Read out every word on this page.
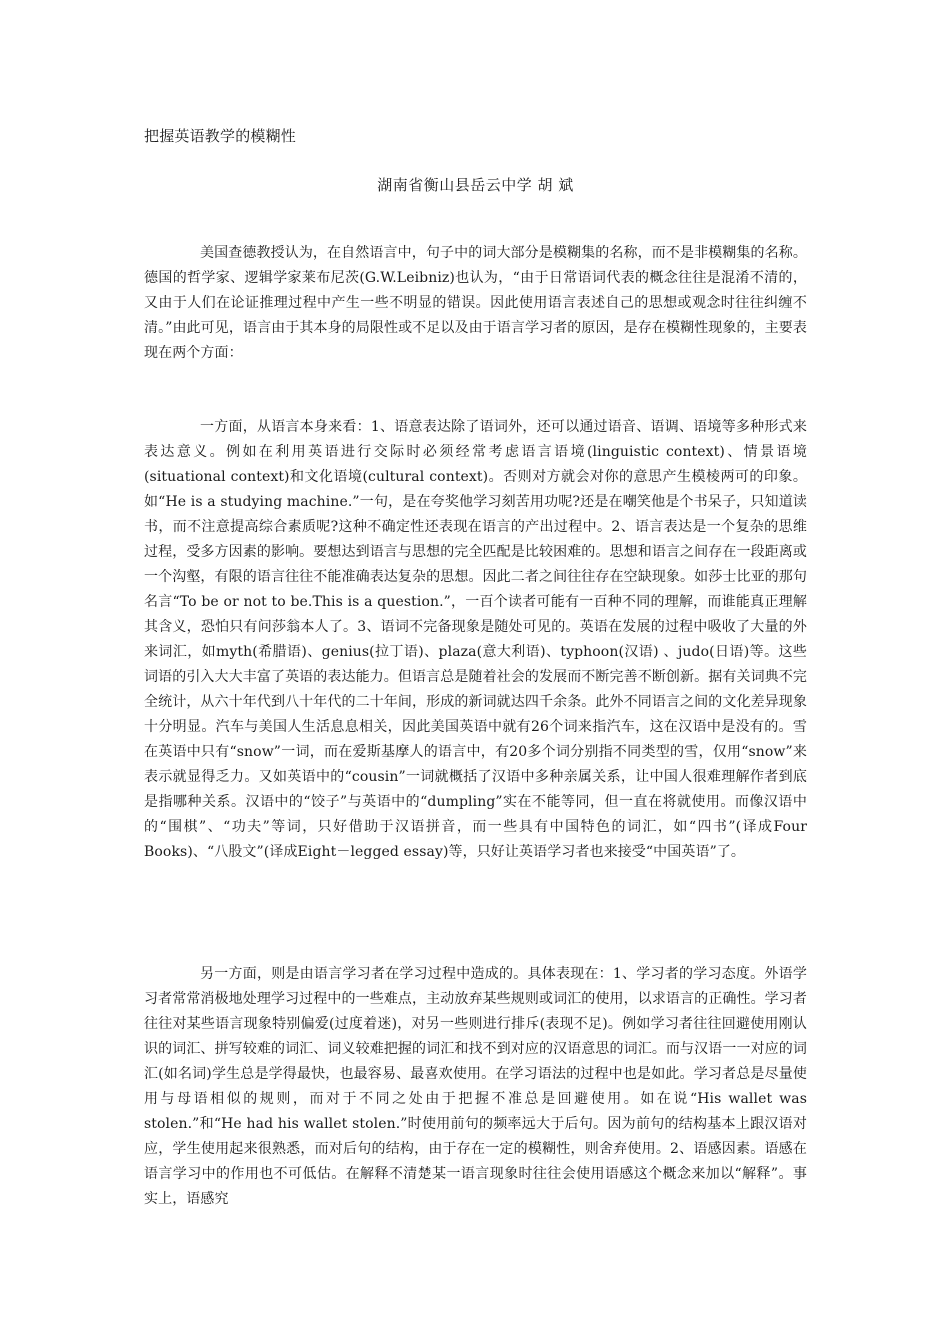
把握英语教学的模糊性
湖南省衡山县岳云中学 胡 斌

美国查德教授认为，在自然语言中，句子中的词大部分是模糊集的名称，而不是非模糊集的名称。德国的哲学家、逻辑学家莱布尼茨(G.W.Leibniz)也认为，“由于日常语词代表的概念往往是混淆不清的，又由于人们在论证推理过程中产生一些不明显的错误。因此使用语言表述自己的思想或观念时往往纠缠不清。”由此可见，语言由于其本身的局限性或不足以及由于语言学习者的原因，是存在模糊性现象的，主要表现在两个方面：

一方面，从语言本身来看：1、语意表达除了语词外，还可以通过语音、语调、语境等多种形式来表达意义。例如在利用英语进行交际时必须经常考虑语言语境(linguistic context)、情景语境(situational context)和文化语境(cultural context)。否则对方就会对你的意思产生模棱两可的印象。如“He is a studying machine.”一句，是在夸奖他学习刻苦用功呢?还是在嘲笑他是个书呆子，只知道读书，而不注意提高综合素质呢?这种不确定性还表现在语言的产出过程中。2、语言表达是一个复杂的思维过程，受多方因素的影响。要想达到语言与思想的完全匹配是比较困难的。思想和语言之间存在一段距离或一个沟壑，有限的语言往往不能准确表达复杂的思想。因此二者之间往往存在空缺现象。如莎士比亚的那句名言“To be or not to be.This is a question.”，一百个读者可能有一百种不同的理解，而谁能真正理解其含义，恐怕只有问莎翁本人了。3、语词不完备现象是随处可见的。英语在发展的过程中吸收了大量的外来词汇，如myth(希腊语)、genius(拉丁语)、plaza(意大利语)、typhoon(汉语) 、judo(日语)等。这些词语的引入大大丰富了英语的表达能力。但语言总是随着社会的发展而不断完善不断创新。据有关词典不完全统计，从六十年代到八十年代的二十年间，形成的新词就达四千余条。此外不同语言之间的文化差异现象十分明显。汽车与美国人生活息息相关，因此美国英语中就有26个词来指汽车，这在汉语中是没有的。雪在英语中只有“snow”一词，而在爱斯基摩人的语言中，有20多个词分别指不同类型的雪，仅用“snow”来表示就显得乏力。又如英语中的“cousin”一词就概括了汉语中多种亲属关系，让中国人很难理解作者到底是指哪种关系。汉语中的“饺子”与英语中的“dumpling”实在不能等同，但一直在将就使用。而像汉语中的“围棋”、“功夫”等词，只好借助于汉语拼音，而一些具有中国特色的词汇，如“四书”(译成Four Books)、“八股文”(译成Eight－legged essay)等，只好让英语学习者也来接受“中国英语”了。

另一方面，则是由语言学习者在学习过程中造成的。具体表现在：1、学习者的学习态度。外语学习者常常消极地处理学习过程中的一些难点，主动放弃某些规则或词汇的使用，以求语言的正确性。学习者往往对某些语言现象特别偏爱(过度着迷)，对另一些则进行排斥(表现不足)。例如学习者往往回避使用刚认识的词汇、拼写较难的词汇、词义较难把握的词汇和找不到对应的汉语意思的词汇。而与汉语一一对应的词汇(如名词)学生总是学得最快，也最容易、最喜欢使用。在学习语法的过程中也是如此。学习者总是尽量使用与母语相似的规则，而对于不同之处由于把握不准总是回避使用。如在说“His wallet was stolen.”和“He had his wallet stolen.”时使用前句的频率远大于后句。因为前句的结构基本上跟汉语对应，学生使用起来很熟悉，而对后句的结构，由于存在一定的模糊性，则舍弃使用。2、语感因素。语感在语言学习中的作用也不可低估。在解释不清楚某一语言现象时往往会使用语感这个概念来加以“解释”。事实上，语感究
